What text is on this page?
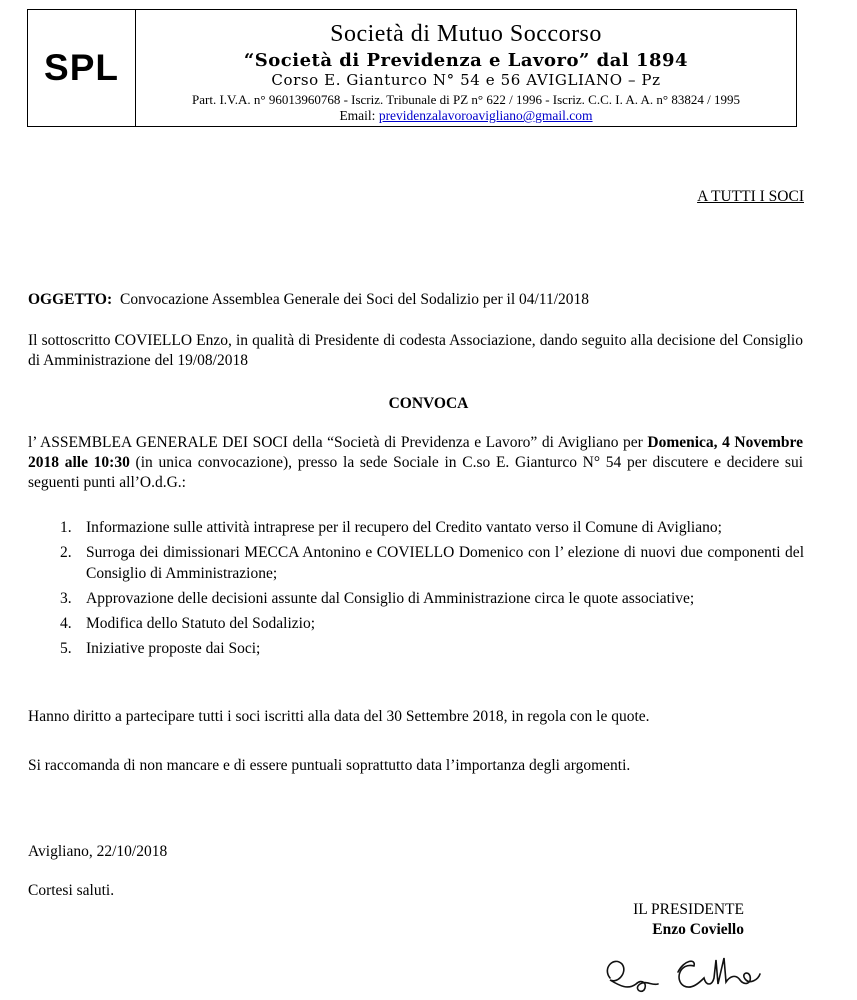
SPL
Società di Mutuo Soccorso
“Società di Previdenza e Lavoro” dal 1894
Corso E. Gianturco N° 54 e 56 AVIGLIANO – Pz
Part. I.V.A. n° 96013960768 - Iscriz. Tribunale di PZ n° 622 / 1996 - Iscriz. C.C. I. A. A. n° 83824 / 1995
Email: previdenzalavoroavigliano@gmail.com
A TUTTI I SOCI
OGGETTO: Convocazione Assemblea Generale dei Soci del Sodalizio per il 04/11/2018
Il sottoscritto COVIELLO Enzo, in qualità di Presidente di codesta Associazione, dando seguito alla decisione del Consiglio di Amministrazione del 19/08/2018
CONVOCA
l’ ASSEMBLEA GENERALE DEI SOCI della “Società di Previdenza e Lavoro” di Avigliano per Domenica, 4 Novembre 2018 alle 10:30 (in unica convocazione), presso la sede Sociale in C.so E. Gianturco N° 54 per discutere e decidere sui seguenti punti all’O.d.G.:
1. Informazione sulle attività intraprese per il recupero del Credito vantato verso il Comune di Avigliano;
2. Surroga dei dimissionari MECCA Antonino e COVIELLO Domenico con l’ elezione di nuovi due componenti del Consiglio di Amministrazione;
3. Approvazione delle decisioni assunte dal Consiglio di Amministrazione circa le quote associative;
4. Modifica dello Statuto del Sodalizio;
5. Iniziative proposte dai Soci;
Hanno diritto a partecipare tutti i soci iscritti alla data del 30 Settembre 2018, in regola con le quote.
Si raccomanda di non mancare e di essere puntuali soprattutto data l’importanza degli argomenti.
Avigliano, 22/10/2018
Cortesi saluti.
IL PRESIDENTE
Enzo Coviello
